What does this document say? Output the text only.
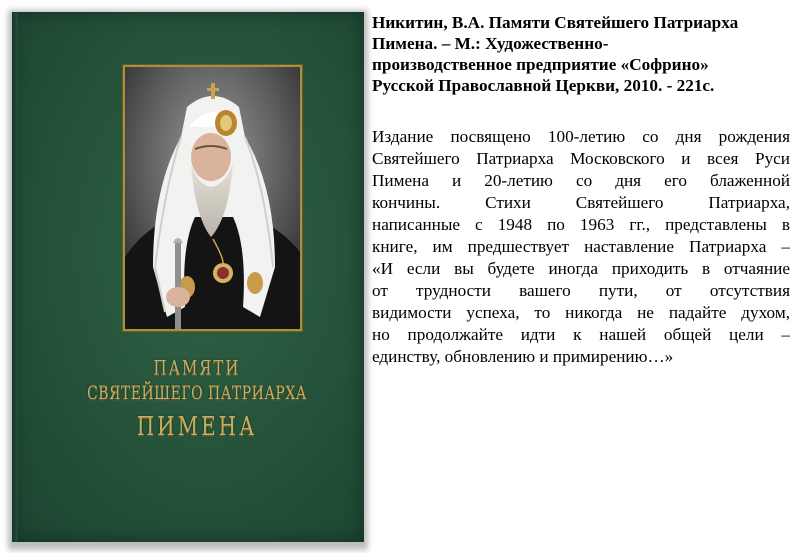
ПАМЯТИ
СВЯТЕЙШЕГО ПАТРИАРХА
ПИМЕНА
Никитин, В.А. Памяти Святейшего Патриарха
Пимена. – М.: Художественно-
производственное предприятие «Софрино»
Русской Православной Церкви, 2010. - 221с.
Издание посвящено 100-летию со дня рождения
Святейшего Патриарха Московского и всея Руси
Пимена и 20-летию со дня его блаженной
кончины. Стихи Святейшего Патриарха,
написанные с 1948 по 1963 гг., представлены в
книге, им предшествует наставление Патриарха –
«И если вы будете иногда приходить в отчаяние
от трудности вашего пути, от отсутствия
видимости успеха, то никогда не падайте духом,
но продолжайте идти к нашей общей цели –
единству, обновлению и примирению…»
